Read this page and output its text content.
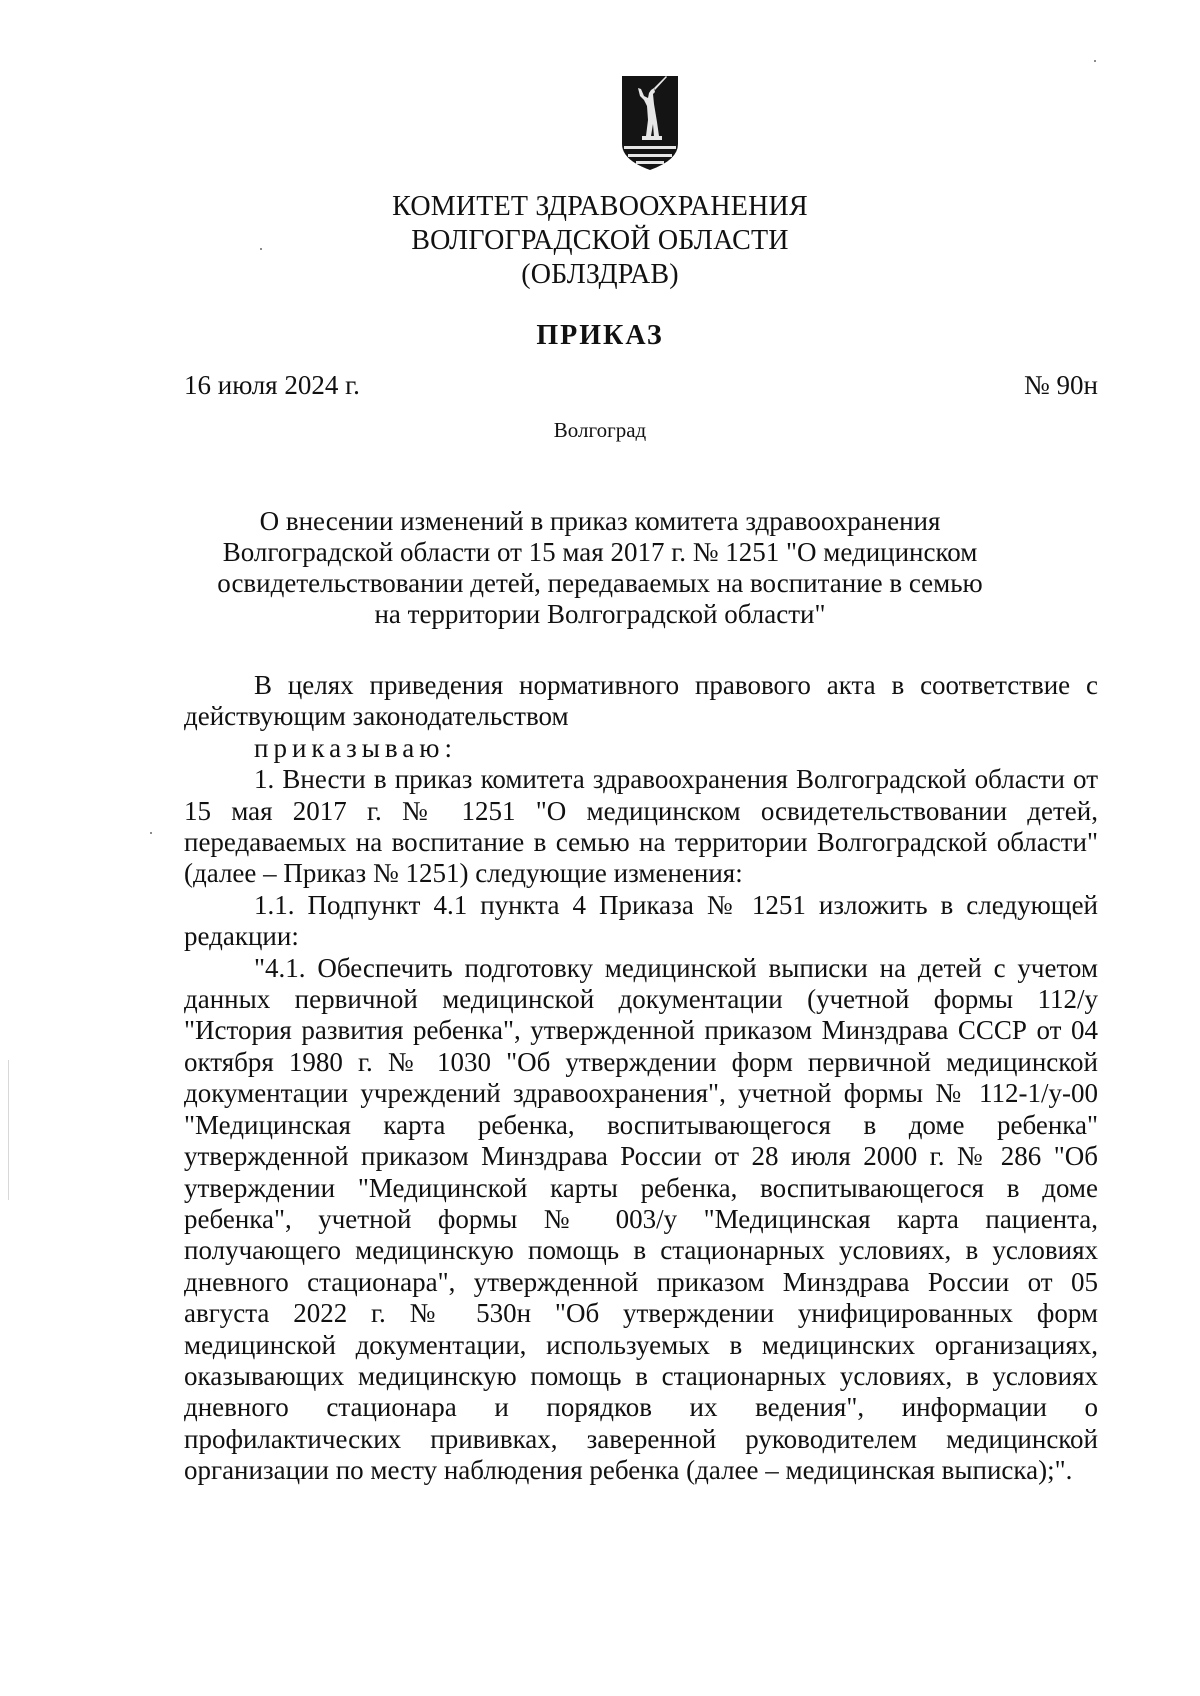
КОМИТЕТ ЗДРАВООХРАНЕНИЯ
ВОЛГОГРАДСКОЙ ОБЛАСТИ
(ОБЛЗДРАВ)
ПРИКАЗ
16 июля 2024 г.	№ 90н
Волгоград
О внесении изменений в приказ комитета здравоохранения
Волгоградской области от 15 мая 2017 г. № 1251 "О медицинском
освидетельствовании детей, передаваемых на воспитание в семью
на территории Волгоградской области"

В целях приведения нормативного правового акта в соответствие с действующим законодательством

приказываю:

1. Внести в приказ комитета здравоохранения Волгоградской области от 15 мая 2017 г. № 1251 "О медицинском освидетельствовании детей, передаваемых на воспитание в семью на территории Волгоградской области" (далее – Приказ № 1251) следующие изменения:

1.1. Подпункт 4.1 пункта 4 Приказа № 1251 изложить в следующей редакции:

"4.1. Обеспечить подготовку медицинской выписки на детей с учетом данных первичной медицинской документации (учетной формы 112/у "История развития ребенка", утвержденной приказом Минздрава СССР от 04 октября 1980 г. № 1030 "Об утверждении форм первичной медицинской документации учреждений здравоохранения", учетной формы № 112-1/у-00 "Медицинская карта ребенка, воспитывающегося в доме ребенка" утвержденной приказом Минздрава России от 28 июля 2000 г. № 286 "Об утверждении "Медицинской карты ребенка, воспитывающегося в доме ребенка", учетной формы № 003/у "Медицинская карта пациента, получающего медицинскую помощь в стационарных условиях, в условиях дневного стационара", утвержденной приказом Минздрава России от 05 августа 2022 г. № 530н "Об утверждении унифицированных форм медицинской документации, используемых в медицинских организациях, оказывающих медицинскую помощь в стационарных условиях, в условиях дневного стационара и порядков их ведения", информации о профилактических прививках, заверенной руководителем медицинской организации по месту наблюдения ребенка (далее – медицинская выписка);".
